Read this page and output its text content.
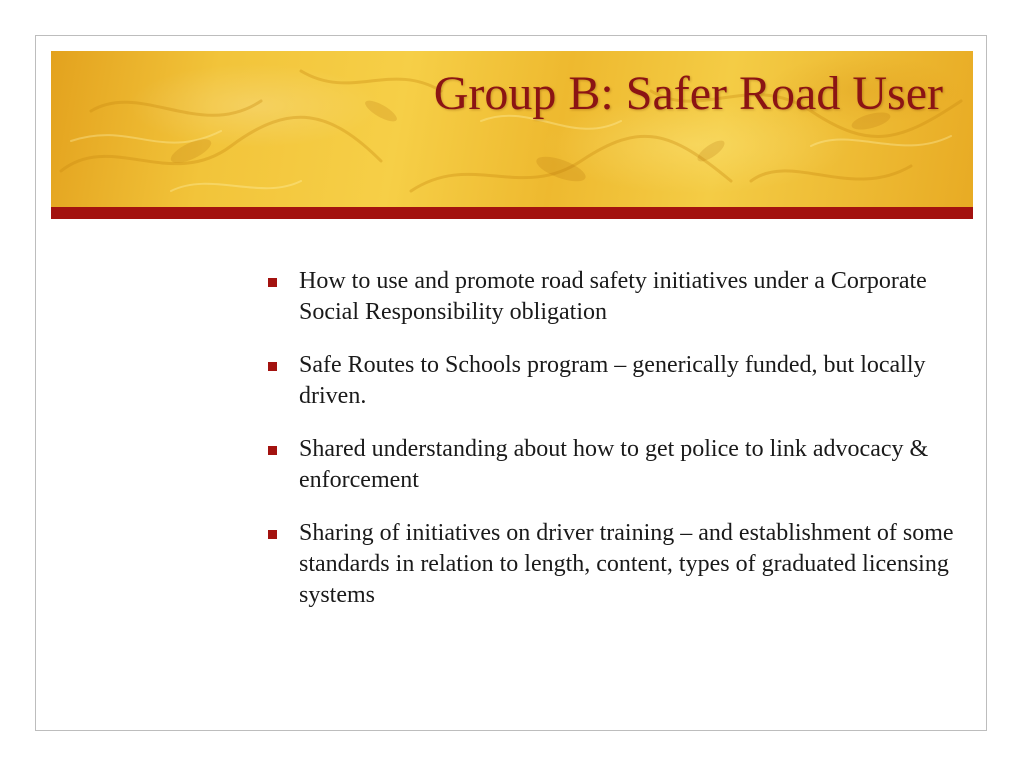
Group B: Safer Road User
How to use and promote road safety initiatives under a Corporate Social Responsibility obligation
Safe Routes to Schools program – generically funded, but locally driven.
Shared understanding about how to get police to link advocacy & enforcement
Sharing of initiatives on driver training – and establishment of some standards in relation to length, content, types of graduated licensing systems
